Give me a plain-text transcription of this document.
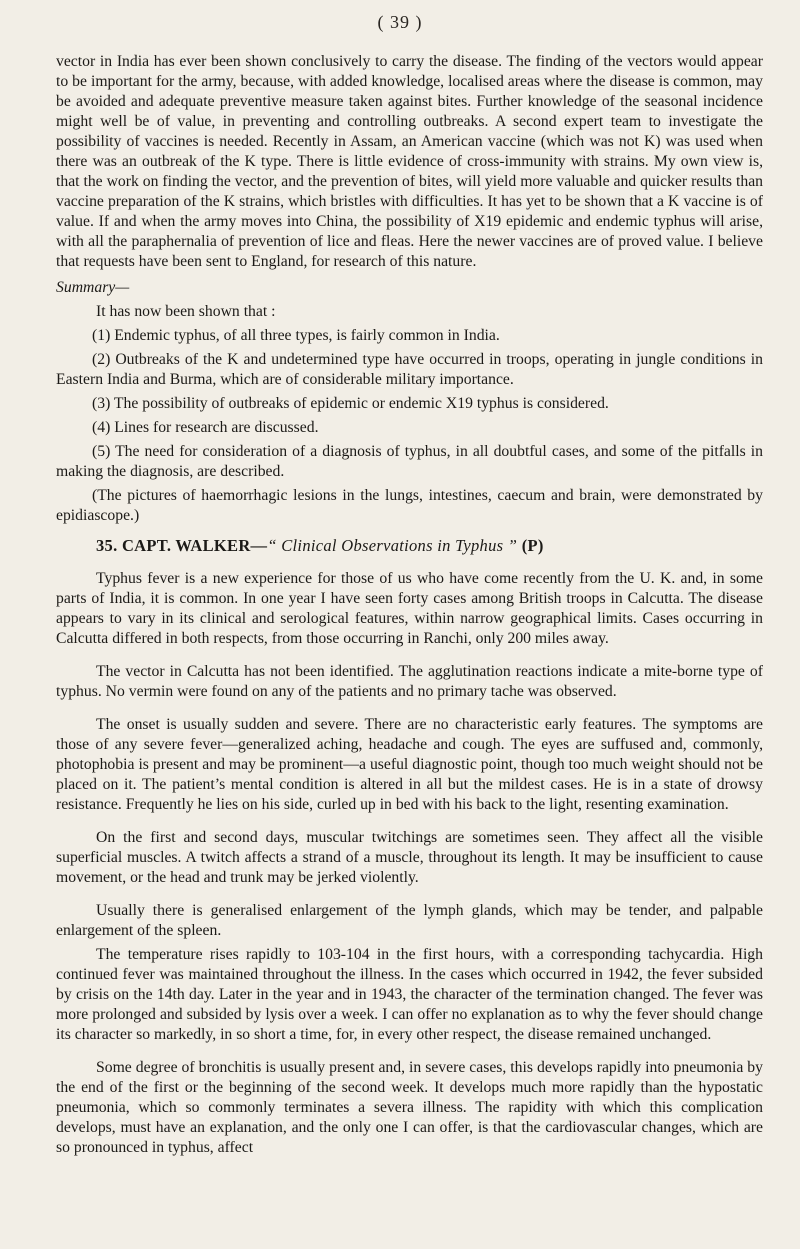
( 39 )

vector in India has ever been shown conclusively to carry the disease. The finding of the vectors would appear to be important for the army, because, with added knowledge, localised areas where the disease is common, may be avoided and adequate preventive measure taken against bites. Further knowledge of the seasonal incidence might well be of value, in preventing and controlling outbreaks. A second expert team to investigate the possibility of vaccines is needed. Recently in Assam, an American vaccine (which was not K) was used when there was an outbreak of the K type. There is little evidence of cross-immunity with strains. My own view is, that the work on finding the vector, and the prevention of bites, will yield more valuable and quicker results than vaccine preparation of the K strains, which bristles with difficulties. It has yet to be shown that a K vaccine is of value. If and when the army moves into China, the possibility of X19 epidemic and endemic typhus will arise, with all the paraphernalia of prevention of lice and fleas. Here the newer vaccines are of proved value. I believe that requests have been sent to England, for research of this nature.

Summary—

It has now been shown that :

(1) Endemic typhus, of all three types, is fairly common in India.

(2) Outbreaks of the K and undetermined type have occurred in troops, operating in jungle conditions in Eastern India and Burma, which are of considerable military importance.

(3) The possibility of outbreaks of epidemic or endemic X19 typhus is considered.

(4) Lines for research are discussed.

(5) The need for consideration of a diagnosis of typhus, in all doubtful cases, and some of the pitfalls in making the diagnosis, are described.

(The pictures of haemorrhagic lesions in the lungs, intestines, caecum and brain, were demonstrated by epidiascope.)

35. CAPT. WALKER—“ Clinical Observations in Typhus ” (P)

Typhus fever is a new experience for those of us who have come recently from the U. K. and, in some parts of India, it is common. In one year I have seen forty cases among British troops in Calcutta. The disease appears to vary in its clinical and serological features, within narrow geographical limits. Cases occurring in Calcutta differed in both respects, from those occurring in Ranchi, only 200 miles away.

The vector in Calcutta has not been identified. The agglutination reactions indicate a mite-borne type of typhus. No vermin were found on any of the patients and no primary tache was observed.

The onset is usually sudden and severe. There are no characteristic early features. The symptoms are those of any severe fever—generalized aching, headache and cough. The eyes are suffused and, commonly, photophobia is present and may be prominent—a useful diagnostic point, though too much weight should not be placed on it. The patient’s mental condition is altered in all but the mildest cases. He is in a state of drowsy resistance. Frequently he lies on his side, curled up in bed with his back to the light, resenting examination.

On the first and second days, muscular twitchings are sometimes seen. They affect all the visible superficial muscles. A twitch affects a strand of a muscle, throughout its length. It may be insufficient to cause movement, or the head and trunk may be jerked violently.

Usually there is generalised enlargement of the lymph glands, which may be tender, and palpable enlargement of the spleen.

The temperature rises rapidly to 103-104 in the first hours, with a corresponding tachycardia. High continued fever was maintained throughout the illness. In the cases which occurred in 1942, the fever subsided by crisis on the 14th day. Later in the year and in 1943, the character of the termination changed. The fever was more prolonged and subsided by lysis over a week. I can offer no explanation as to why the fever should change its character so markedly, in so short a time, for, in every other respect, the disease remained unchanged.

Some degree of bronchitis is usually present and, in severe cases, this develops rapidly into pneumonia by the end of the first or the beginning of the second week. It develops much more rapidly than the hypostatic pneumonia, which so commonly terminates a severa illness. The rapidity with which this complication develops, must have an explanation, and the only one I can offer, is that the cardiovascular changes, which are so pronounced in typhus, affect
